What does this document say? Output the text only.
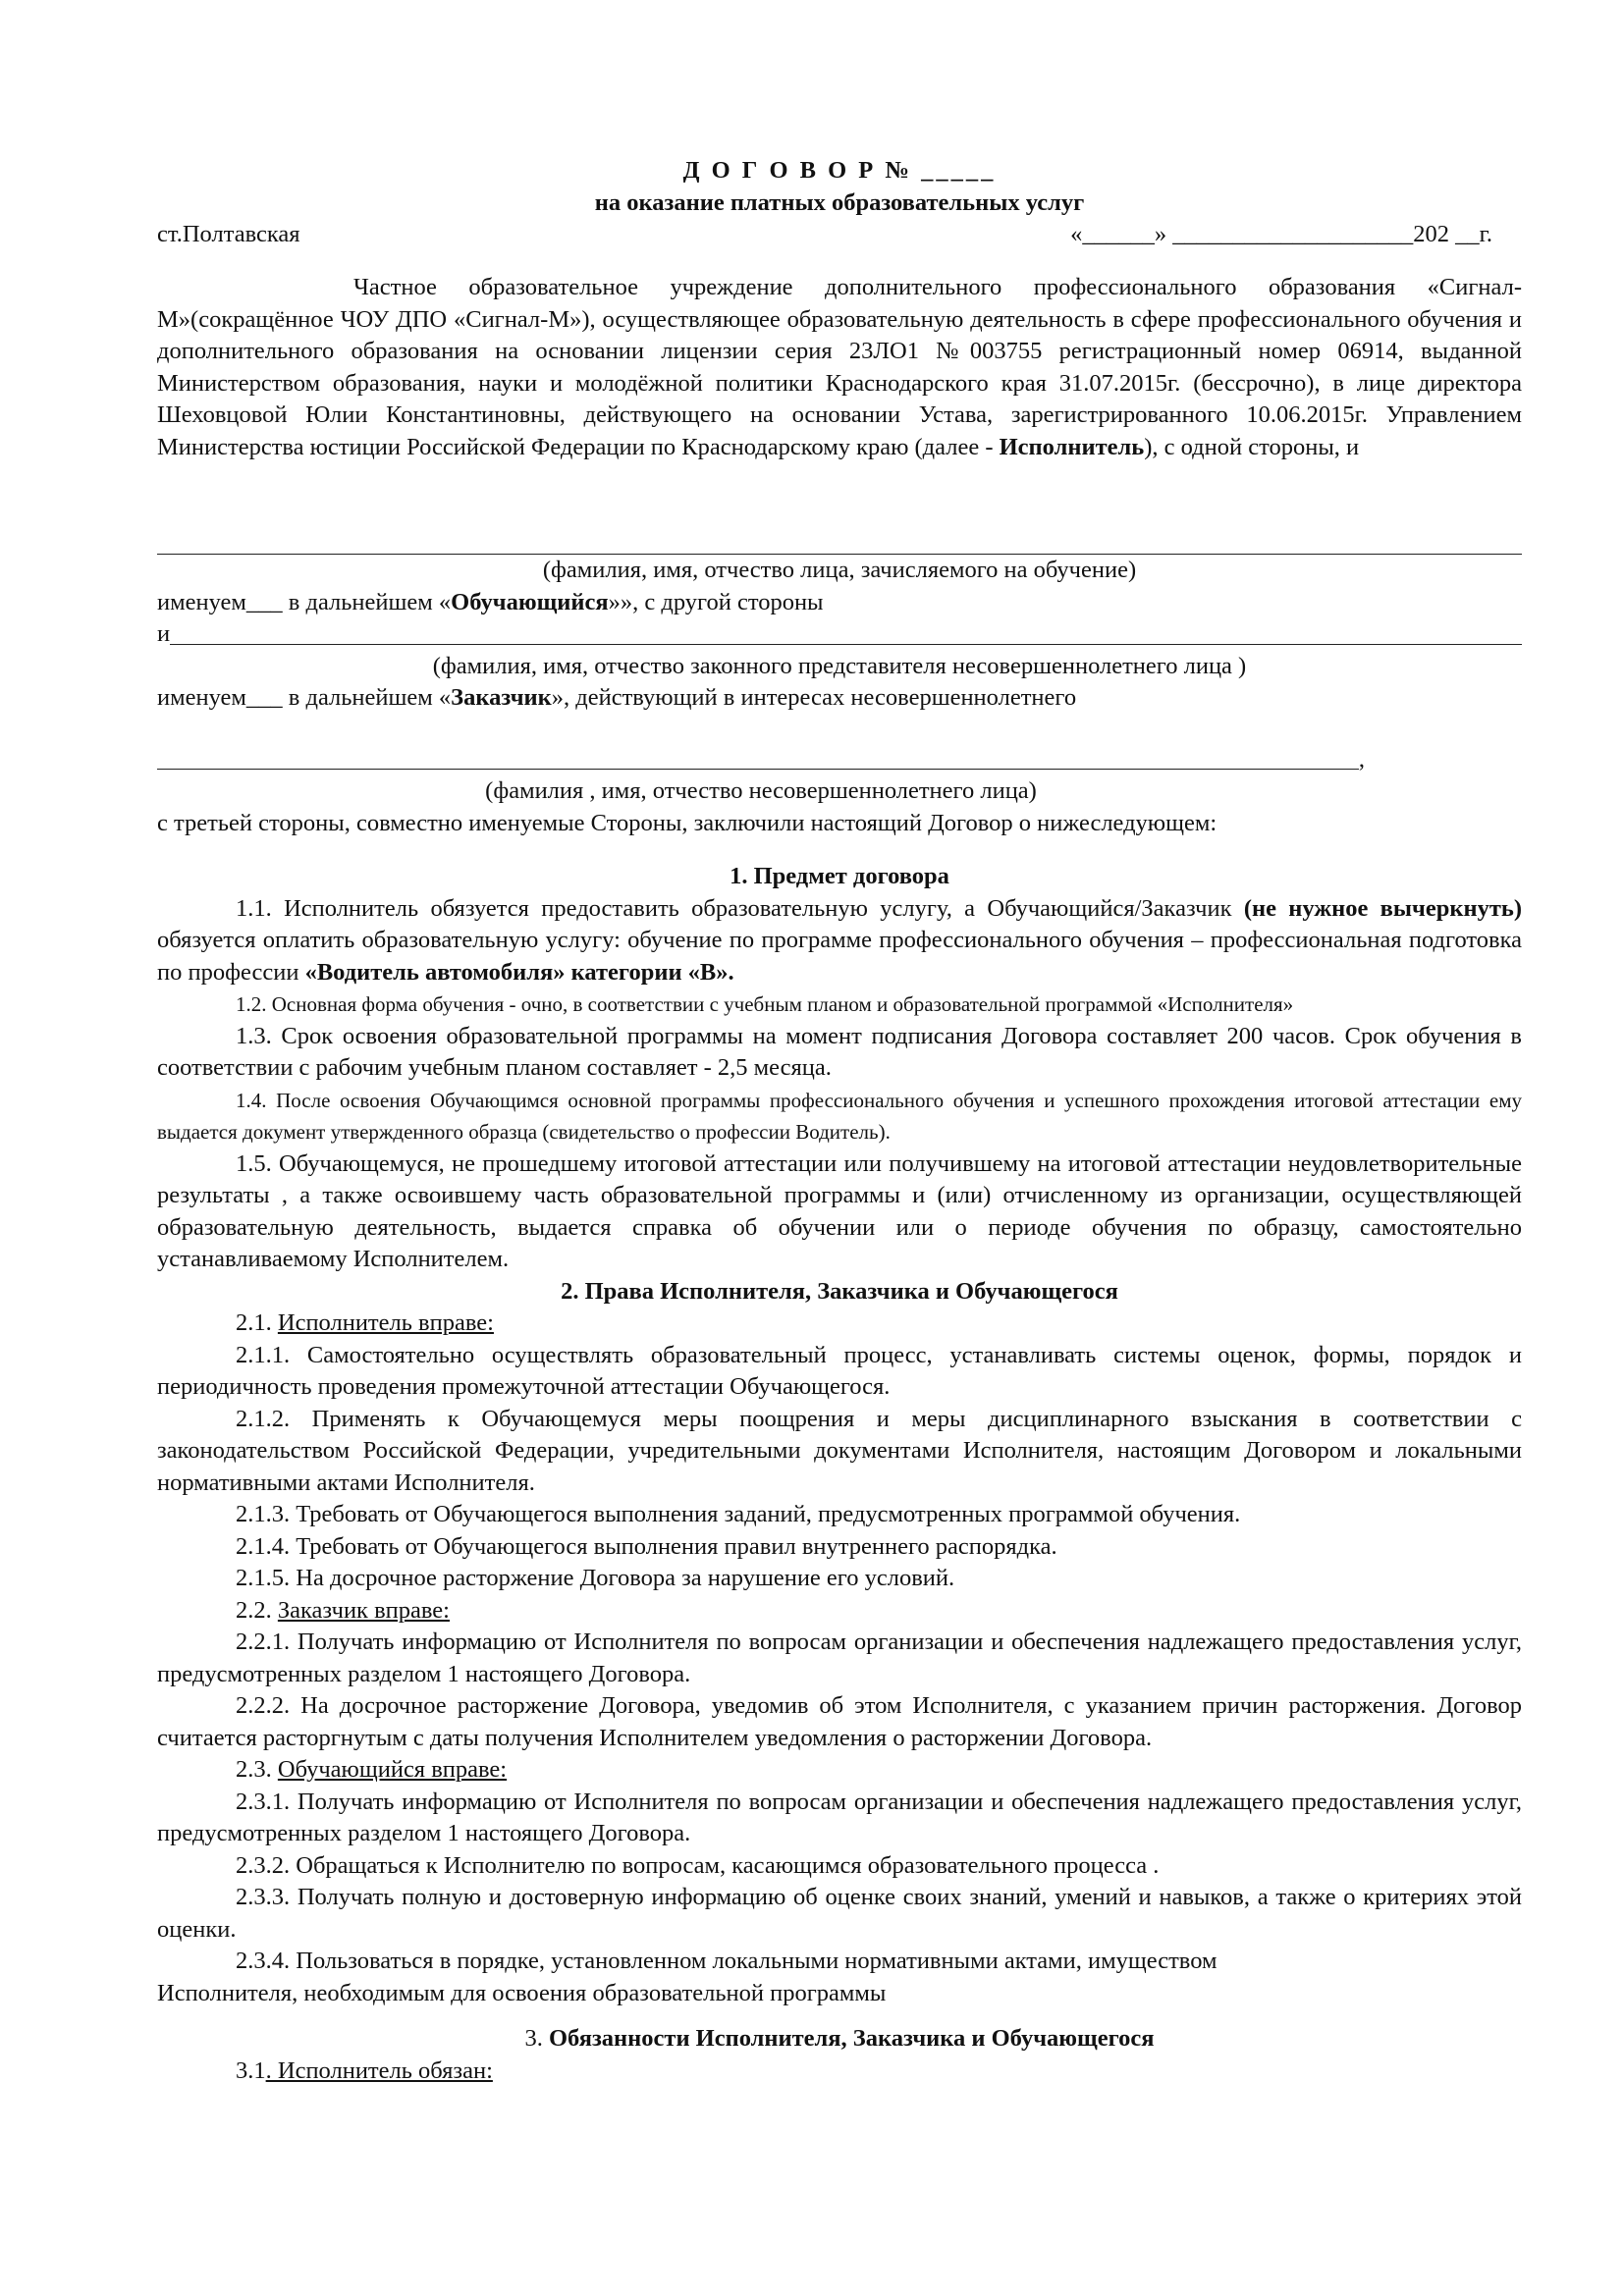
Д О Г О В О Р № _____
на оказание платных образовательных услуг
ст.Полтавская	«______» ____________________202 __г.

Частное образовательное учреждение дополнительного профессионального образования «Сигнал-М»(сокращённое ЧОУ ДПО «Сигнал-М»), осуществляющее образовательную деятельность в сфере профессионального обучения и дополнительного образования на основании лицензии серия 23ЛО1 №003755 регистрационный номер 06914, выданной Министерством образования, науки и молодёжной политики Краснодарского края 31.07.2015г. (бессрочно), в лице директора Шеховцовой Юлии Константиновны, действующего на основании Устава, зарегистрированного 10.06.2015г. Управлением Министерства юстиции Российской Федерации по Краснодарскому краю (далее - Исполнитель), с одной стороны, и

(фамилия, имя, отчество лица, зачисляемого на обучение)
именуем___ в дальнейшем «Обучающийся»», с другой стороны
и
(фамилия, имя, отчество законного представителя несовершеннолетнего лица )
именуем___ в дальнейшем «Заказчик», действующий в интересах несовершеннолетнего
,
(фамилия , имя, отчество несовершеннолетнего лица)
с третьей стороны, совместно именуемые Стороны, заключили настоящий Договор о нижеследующем:
1. Предмет договора
1.1. Исполнитель обязуется предоставить образовательную услугу, а Обучающийся/Заказчик (не нужное вычеркнуть) обязуется оплатить образовательную услугу: обучение по программе профессионального обучения – профессиональная подготовка по профессии «Водитель автомобиля» категории «В».
1.2. Основная форма обучения - очно, в соответствии с учебным планом и образовательной программой «Исполнителя»
1.3. Срок освоения образовательной программы на момент подписания Договора составляет 200 часов. Срок обучения в соответствии с рабочим учебным планом составляет - 2,5 месяца.
1.4. После освоения Обучающимся основной программы профессионального обучения и успешного прохождения итоговой аттестации ему выдается документ утвержденного образца (свидетельство о профессии Водитель).
1.5. Обучающемуся, не прошедшему итоговой аттестации или получившему на итоговой аттестации неудовлетворительные результаты , а также освоившему часть образовательной программы и (или) отчисленному из организации, осуществляющей образовательную деятельность, выдается справка об обучении или о периоде обучения по образцу, самостоятельно устанавливаемому Исполнителем.
2. Права Исполнителя, Заказчика и Обучающегося
2.1. Исполнитель вправе:
2.1.1. Самостоятельно осуществлять образовательный процесс, устанавливать системы оценок, формы, порядок и периодичность проведения промежуточной аттестации Обучающегося.
2.1.2. Применять к Обучающемуся меры поощрения и меры дисциплинарного взыскания в соответствии с законодательством Российской Федерации, учредительными документами Исполнителя, настоящим Договором и локальными нормативными актами Исполнителя.
2.1.3. Требовать от Обучающегося выполнения заданий, предусмотренных программой обучения.
2.1.4. Требовать от Обучающегося выполнения правил внутреннего распорядка.
2.1.5. На досрочное расторжение Договора за нарушение его условий.
2.2. Заказчик вправе:
2.2.1. Получать информацию от Исполнителя по вопросам организации и обеспечения надлежащего предоставления услуг, предусмотренных разделом 1 настоящего Договора.
2.2.2. На досрочное расторжение Договора, уведомив об этом Исполнителя, с указанием причин расторжения. Договор считается расторгнутым с даты получения Исполнителем уведомления о расторжении Договора.
2.3. Обучающийся вправе:
2.3.1. Получать информацию от Исполнителя по вопросам организации и обеспечения надлежащего предоставления услуг, предусмотренных разделом 1 настоящего Договора.
2.3.2. Обращаться к Исполнителю по вопросам, касающимся образовательного процесса .
2.3.3. Получать полную и достоверную информацию об оценке своих знаний, умений и навыков, а также о критериях этой оценки.
2.3.4. Пользоваться в порядке, установленном локальными нормативными актами, имуществом
Исполнителя, необходимым для освоения образовательной программы
3. Обязанности Исполнителя, Заказчика и Обучающегося
3.1. Исполнитель обязан:
